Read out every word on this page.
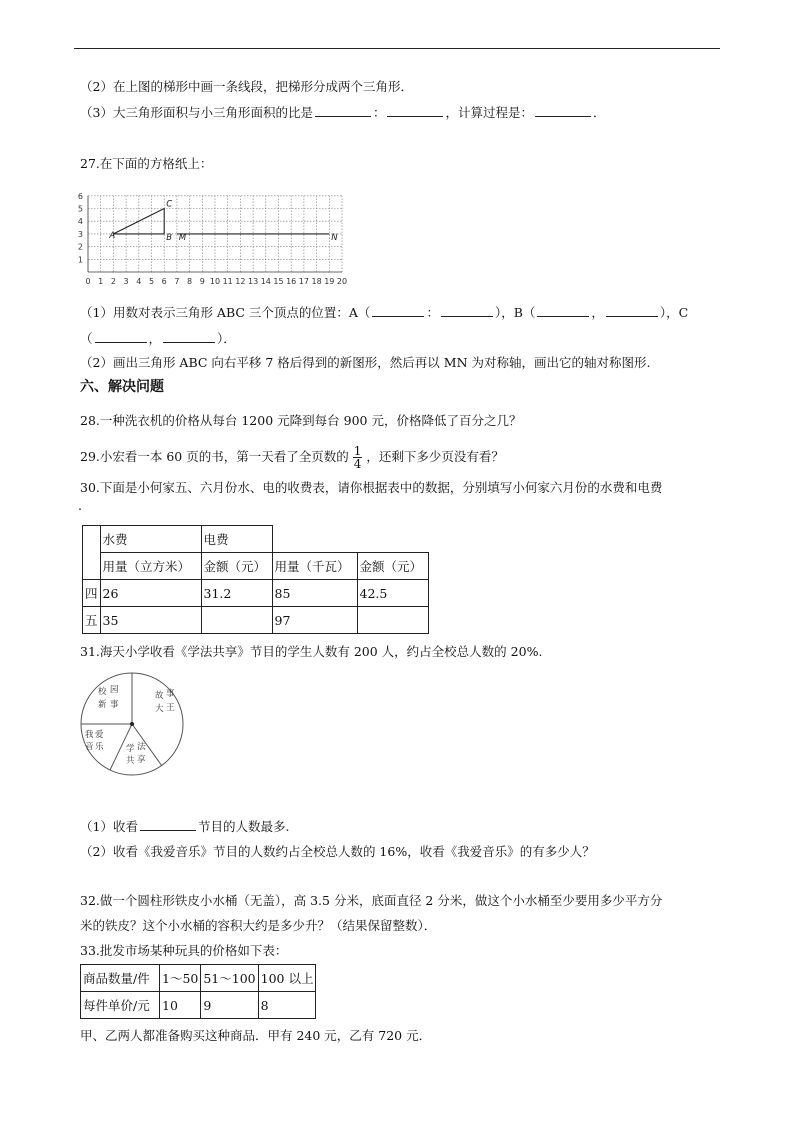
（2）在上图的梯形中画一条线段，把梯形分成两个三角形．
（3）大三角形面积与小三角形面积的比是	：	，计算过程是：	．
27.在下面的方格纸上：
0 1 2 3 4 5 6 7 8 9 10 11 12 13 14 15 16 17 18 19 20
1
2
3
4
5
6
A	B
C
M	N
（1）用数对表示三角形 ABC 三个顶点的位置：A（	：	），B（	，	），C
（	，	）．
（2）画出三角形 ABC 向右平移 7 格后得到的新图形，然后再以 MN 为对称轴，画出它的轴对称图形.
六、解决问题
28.一种洗衣机的价格从每台 1200 元降到每台 900 元，价格降低了百分之几？
29.小宏看一本 60 页的书，第一天看了全页数的 $\frac{1}{4}$ ，还剩下多少页没有看？
30.下面是小何家五、六月份水、电的收费表，请你根据表中的数据，分别填写小何家六月份的水费和电费
.
	水费	电费		
	用量（立方米）	金额（元）	用量（千瓦）	金额（元）
四	26	31.2	85	42.5
五	35		97	
31.海天小学收看《学法共享》节目的学生人数有 200 人，约占全校总人数的 20%.
校 园
新 事
故 事
大 王
我 爱
音 乐	学 法
共 享
（1）收看	节目的人数最多.
（2）收看《我爱音乐》节目的人数约占全校总人数的 16%，收看《我爱音乐》的有多少人？
32.做一个圆柱形铁皮小水桶（无盖），高 3.5 分米，底面直径 2 分米，做这个小水桶至少要用多少平方分
米的铁皮？这个小水桶的容积大约是多少升？（结果保留整数）．
33.批发市场某种玩具的价格如下表：
商品数量/件	1～50	51～100	100 以上
每件单价/元	10	9	8
甲、乙两人都准备购买这种商品．甲有 240 元，乙有 720 元．
